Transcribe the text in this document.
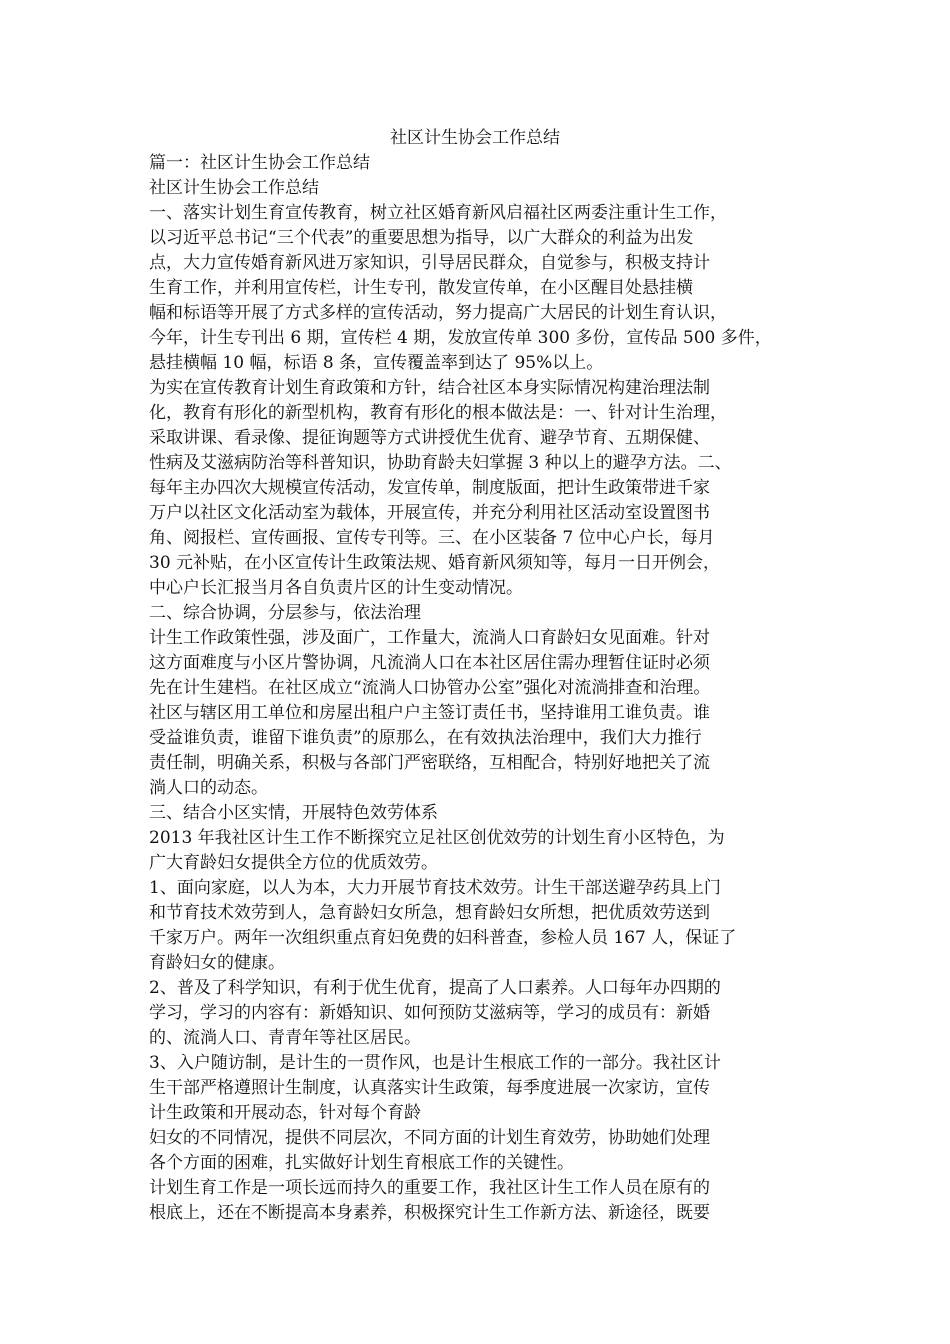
社区计生协会工作总结
篇一：社区计生协会工作总结
社区计生协会工作总结
一、落实计划生育宣传教育，树立社区婚育新风启福社区两委注重计生工作，
以习近平总书记“三个代表”的重要思想为指导，以广大群众的利益为出发
点，大力宣传婚育新风进万家知识，引导居民群众，自觉参与，积极支持计
生育工作，并利用宣传栏，计生专刊，散发宣传单，在小区醒目处悬挂横
幅和标语等开展了方式多样的宣传活动，努力提高广大居民的计划生育认识，
今年，计生专刊出 6 期，宣传栏 4 期，发放宣传单 300 多份，宣传品 500 多件，
悬挂横幅 10 幅，标语 8 条，宣传覆盖率到达了 95%以上。
为实在宣传教育计划生育政策和方针，结合社区本身实际情况构建治理法制
化，教育有形化的新型机构，教育有形化的根本做法是：一、针对计生治理，
采取讲课、看录像、提征询题等方式讲授优生优育、避孕节育、五期保健、
性病及艾滋病防治等科普知识，协助育龄夫妇掌握 3 种以上的避孕方法。二、
每年主办四次大规模宣传活动，发宣传单，制度版面，把计生政策带进千家
万户以社区文化活动室为载体，开展宣传，并充分利用社区活动室设置图书
角、阅报栏、宣传画报、宣传专刊等。三、在小区装备 7 位中心户长，每月
30 元补贴，在小区宣传计生政策法规、婚育新风须知等，每月一日开例会，
中心户长汇报当月各自负责片区的计生变动情况。
二、综合协调，分层参与，依法治理
计生工作政策性强，涉及面广，工作量大，流淌人口育龄妇女见面难。针对
这方面难度与小区片警协调，凡流淌人口在本社区居住需办理暂住证时必须
先在计生建档。在社区成立“流淌人口协管办公室”强化对流淌排查和治理。
社区与辖区用工单位和房屋出租户户主签订责任书，坚持谁用工谁负责。谁
受益谁负责，谁留下谁负责”的原那么，在有效执法治理中，我们大力推行
责任制，明确关系，积极与各部门严密联络，互相配合，特别好地把关了流
淌人口的动态。
三、结合小区实情，开展特色效劳体系
2013 年我社区计生工作不断探究立足社区创优效劳的计划生育小区特色，为
广大育龄妇女提供全方位的优质效劳。
1、面向家庭，以人为本，大力开展节育技术效劳。计生干部送避孕药具上门
和节育技术效劳到人，急育龄妇女所急，想育龄妇女所想，把优质效劳送到
千家万户。两年一次组织重点育妇免费的妇科普查，参检人员 167 人，保证了
育龄妇女的健康。
2、普及了科学知识，有利于优生优育，提高了人口素养。人口每年办四期的
学习，学习的内容有：新婚知识、如何预防艾滋病等，学习的成员有：新婚
的、流淌人口、青青年等社区居民。
3、入户随访制，是计生的一贯作风，也是计生根底工作的一部分。我社区计
生干部严格遵照计生制度，认真落实计生政策，每季度进展一次家访，宣传
计生政策和开展动态，针对每个育龄
妇女的不同情况，提供不同层次，不同方面的计划生育效劳，协助她们处理
各个方面的困难，扎实做好计划生育根底工作的关键性。
计划生育工作是一项长远而持久的重要工作，我社区计生工作人员在原有的
根底上，还在不断提高本身素养，积极探究计生工作新方法、新途径，既要
